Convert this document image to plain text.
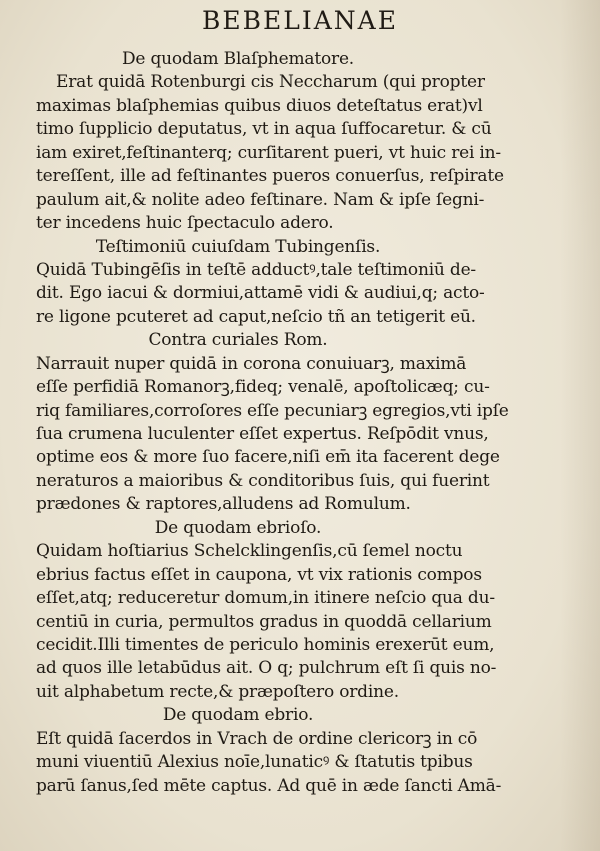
BEBELIANAE
De quodam Blaſphematore.
Erat quidā Rotenburgi cis Neccharum (qui propter
maximas blaſphemias quibus diuos deteſtatus erat)vl
timo ſupplicio deputatus, vt in aqua ſuffocaretur. & cū
iam exiret,feſtinanterq; curſitarent pueri, vt huic rei in-
tereſſent, ille ad feſtinantes pueros conuerſus, reſpirate
paulum ait,& nolite adeo feſtinare. Nam & ipſe ſegni-
ter incedens huic ſpectaculo adero.
Teſtimoniū cuiuſdam Tubingenſis.
Quidā Tubingēſis in teſtē adductꝰ,tale teſtimoniū de-
dit. Ego iacui & dormiui,attamē vidi & audiui,q; acto-
re ligone pcuteret ad caput,neſcio tñ an tetigerit eū.
Contra curiales Rom.
Narrauit nuper quidā in corona conuiuarꝫ, maximā
eſſe perfidiā Romanorꝫ,fideq; venalē, apoſtolicæq; cu-
riq familiares,corroſores eſſe pecuniarꝫ egregios,vti ipſe
ſua crumena luculenter eſſet expertus. Reſpōdit vnus,
optime eos & more ſuo facere,niſi em̄ ita facerent dege
neraturos a maioribus & conditoribus ſuis, qui fuerint
prædones & raptores,alludens ad Romulum.
De quodam ebrioſo.
Quidam hoſtiarius Schelcklingenſis,cū ſemel noctu
ebrius factus eſſet in caupona, vt vix rationis compos
eſſet,atq; reduceretur domum,in itinere neſcio qua du-
centiū in curia, permultos gradus in quoddā cellarium
cecidit.Illi timentes de periculo hominis erexerūt eum,
ad quos ille letabūdus ait. O q; pulchrum eſt ſi quis no-
uit alphabetum recte,& præpoſtero ordine.
De quodam ebrio.
Eſt quidā ſacerdos in Vrach de ordine clericorꝫ in cō
muni viuentiū Alexius noīe,lunaticꝰ & ſtatutis tpibus
parū ſanus,ſed mēte captus. Ad quē in æde ſancti Amā-
